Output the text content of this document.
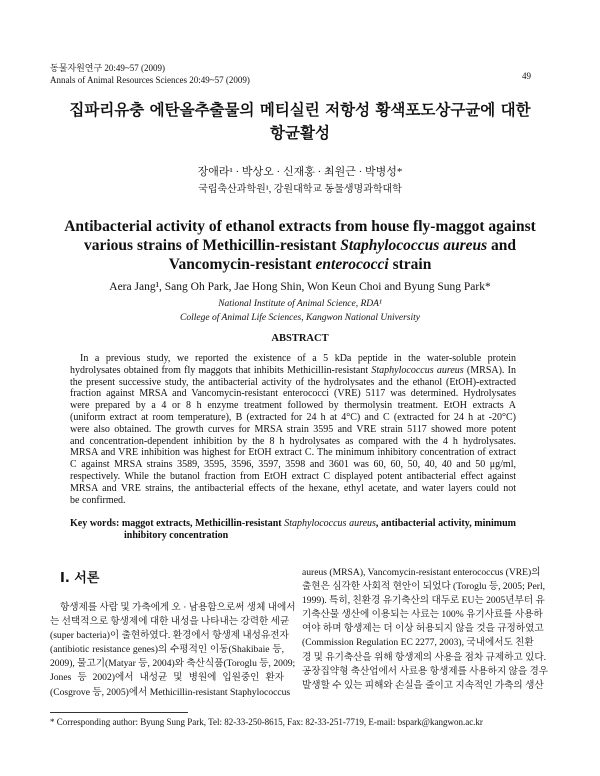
동물자원연구 20:49~57 (2009)
Annals of Animal Resources Sciences 20:49~57 (2009)	49
집파리유충 에탄올추출물의 메티실린 저항성 황색포도상구균에 대한
항균활성
장애라¹ · 박상오 · 신재홍 · 최원근 · 박병성*
국립축산과학원¹, 강원대학교 동물생명과학대학
Antibacterial activity of ethanol extracts from house fly-maggot against
various strains of Methicillin-resistant Staphylococcus aureus and
Vancomycin-resistant enterococci strain
Aera Jang¹, Sang Oh Park, Jae Hong Shin, Won Keun Choi and Byung Sung Park*
National Institute of Animal Science, RDA¹
College of Animal Life Sciences, Kangwon National University
ABSTRACT
In a previous study, we reported the existence of a 5 kDa peptide in the water-soluble protein
hydrolysates obtained from fly maggots that inhibits Methicillin-resistant Staphylococcus aureus (MRSA). In
the present successive study, the antibacterial activity of the hydrolysates and the ethanol (EtOH)-extracted
fraction against MRSA and Vancomycin-resistant enterococci (VRE) 5117 was determined. Hydrolysates
were prepared by a 4 or 8 h enzyme treatment followed by thermolysin treatment. EtOH extracts A
(uniform extract at room temperature), B (extracted for 24 h at 4°C) and C (extracted for 24 h at -20°C)
were also obtained. The growth curves for MRSA strain 3595 and VRE strain 5117 showed more potent
and concentration-dependent inhibition by the 8 h hydrolysates as compared with the 4 h hydrolysates.
MRSA and VRE inhibition was highest for EtOH extract C. The minimum inhibitory concentration of extract
C against MRSA strains 3589, 3595, 3596, 3597, 3598 and 3601 was 60, 60, 50, 40, 40 and 50 μg/ml,
respectively. While the butanol fraction from EtOH extract C displayed potent antibacterial effect against
MRSA and VRE strains, the antibacterial effects of the hexane, ethyl acetate, and water layers could not
be confirmed.
Key words: maggot extracts, Methicillin-resistant Staphylococcus aureus, antibacterial activity, minimum
inhibitory concentration
Ⅰ. 서론
항생제를 사람 및 가축에게 오 · 남용함으로써 생체 내에서
는 선택적으로 항생제에 대한 내성을 나타내는 강력한 세균
(super bacteria)이 출현하였다. 환경에서 항생제 내성유전자
(antibiotic resistance genes)의 수평적인 이동(Shakibaie 등,
2009), 물고기(Matyar 등, 2004)와 축산식품(Toroglu 등, 2009;
Jones 등 2002)에서 내성균 및 병원에 입원중인 환자
(Cosgrove 등, 2005)에서 Methicillin-resistant Staphylococcus
aureus (MRSA), Vancomycin-resistant enterococcus (VRE)의
출현은 심각한 사회적 현안이 되었다 (Toroglu 등, 2005; Perl,
1999). 특히, 친환경 유기축산의 대두로 EU는 2005년부터 유
기축산물 생산에 이용되는 사료는 100% 유기사료를 사용하
여야 하며 항생제는 더 이상 허용되지 않을 것을 규정하였고
(Commission Regulation EC 2277, 2003), 국내에서도 친환
경 및 유기축산을 위해 항생제의 사용을 점차 규제하고 있다.
공장집약형 축산업에서 사료용 항생제를 사용하지 않을 경우
발생할 수 있는 피해와 손실을 줄이고 지속적인 가축의 생산
* Corresponding author: Byung Sung Park, Tel: 82-33-250-8615, Fax: 82-33-251-7719, E-mail: bspark@kangwon.ac.kr
